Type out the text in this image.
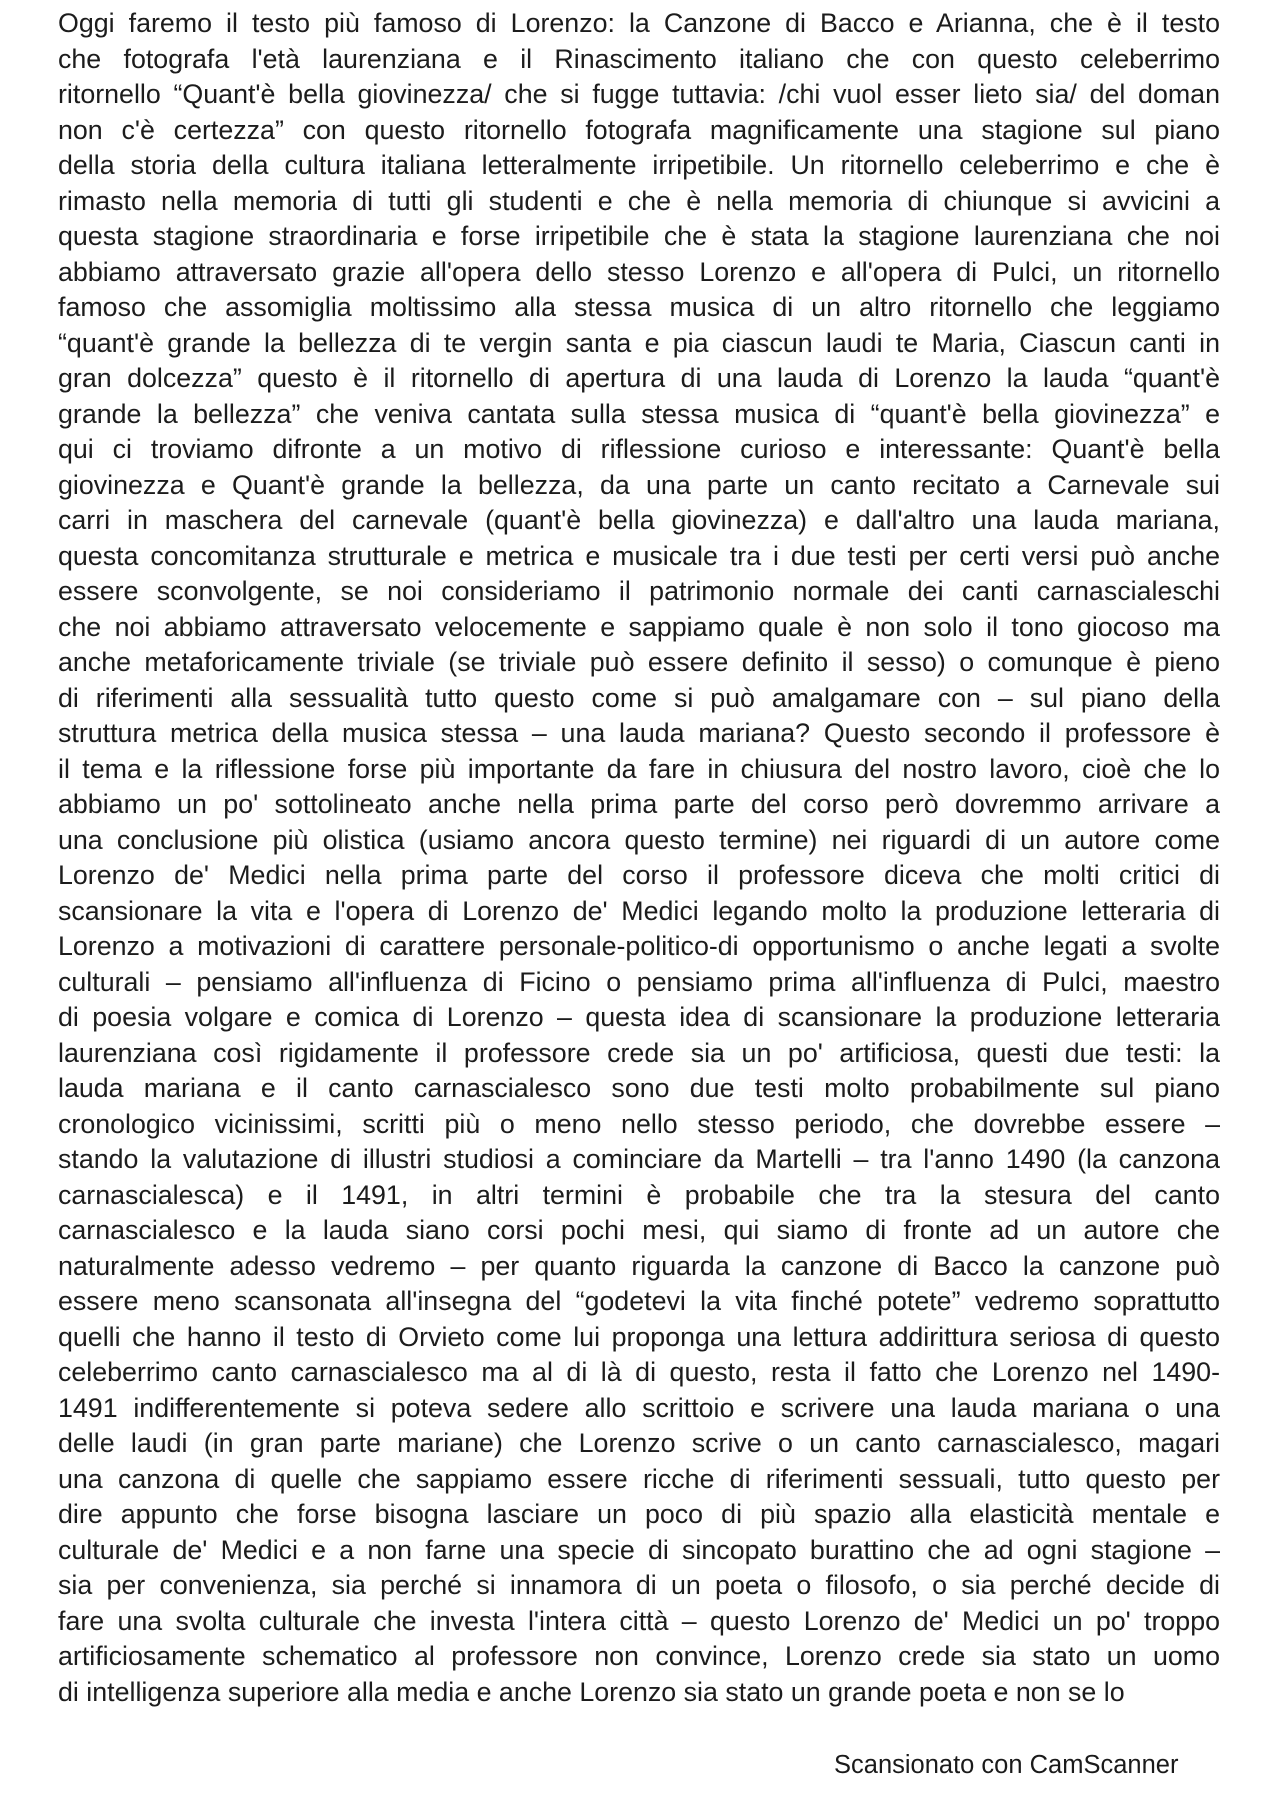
Oggi faremo il testo più famoso di Lorenzo: la Canzone di Bacco e Arianna, che è il testo
che fotografa l'età laurenziana e il Rinascimento italiano che con questo celeberrimo
ritornello “Quant'è bella giovinezza/ che si fugge tuttavia: /chi vuol esser lieto sia/ del doman
non c'è certezza” con questo ritornello fotografa magnificamente una stagione sul piano
della storia della cultura italiana letteralmente irripetibile. Un ritornello celeberrimo e che è
rimasto nella memoria di tutti gli studenti e che è nella memoria di chiunque si avvicini a
questa stagione straordinaria e forse irripetibile che è stata la stagione laurenziana che noi
abbiamo attraversato grazie all'opera dello stesso Lorenzo e all'opera di Pulci, un ritornello
famoso che assomiglia moltissimo alla stessa musica di un altro ritornello che leggiamo
“quant'è grande la bellezza di te vergin santa e pia ciascun laudi te Maria, Ciascun canti in
gran dolcezza” questo è il ritornello di apertura di una lauda di Lorenzo la lauda “quant'è
grande la bellezza” che veniva cantata sulla stessa musica di “quant'è bella giovinezza” e
qui ci troviamo difronte a un motivo di riflessione curioso e interessante: Quant'è bella
giovinezza e Quant'è grande la bellezza, da una parte un canto recitato a Carnevale sui
carri in maschera del carnevale (quant'è bella giovinezza) e dall'altro una lauda mariana,
questa concomitanza strutturale e metrica e musicale tra i due testi per certi versi può anche
essere sconvolgente, se noi consideriamo il patrimonio normale dei canti carnascialeschi
che noi abbiamo attraversato velocemente e sappiamo quale è non solo il tono giocoso ma
anche metaforicamente triviale (se triviale può essere definito il sesso) o comunque è pieno
di riferimenti alla sessualità tutto questo come si può amalgamare con – sul piano della
struttura metrica della musica stessa – una lauda mariana? Questo secondo il professore è
il tema e la riflessione forse più importante da fare in chiusura del nostro lavoro, cioè che lo
abbiamo un po' sottolineato anche nella prima parte del corso però dovremmo arrivare a
una conclusione più olistica (usiamo ancora questo termine) nei riguardi di un autore come
Lorenzo de' Medici nella prima parte del corso il professore diceva che molti critici di
scansionare la vita e l'opera di Lorenzo de' Medici legando molto la produzione letteraria di
Lorenzo a motivazioni di carattere personale-politico-di opportunismo o anche legati a svolte
culturali – pensiamo all'influenza di Ficino o pensiamo prima all'influenza di Pulci, maestro
di poesia volgare e comica di Lorenzo – questa idea di scansionare la produzione letteraria
laurenziana così rigidamente il professore crede sia un po' artificiosa, questi due testi: la
lauda mariana e il canto carnascialesco sono due testi molto probabilmente sul piano
cronologico vicinissimi, scritti più o meno nello stesso periodo, che dovrebbe essere –
stando la valutazione di illustri studiosi a cominciare da Martelli – tra l'anno 1490 (la canzona
carnascialesca) e il 1491, in altri termini è probabile che tra la stesura del canto
carnascialesco e la lauda siano corsi pochi mesi, qui siamo di fronte ad un autore che
naturalmente adesso vedremo – per quanto riguarda la canzone di Bacco la canzone può
essere meno scansonata all'insegna del “godetevi la vita finché potete” vedremo soprattutto
quelli che hanno il testo di Orvieto come lui proponga una lettura addirittura seriosa di questo
celeberrimo canto carnascialesco ma al di là di questo, resta il fatto che Lorenzo nel 1490-
1491 indifferentemente si poteva sedere allo scrittoio e scrivere una lauda mariana o una
delle laudi (in gran parte mariane) che Lorenzo scrive o un canto carnascialesco, magari
una canzona di quelle che sappiamo essere ricche di riferimenti sessuali, tutto questo per
dire appunto che forse bisogna lasciare un poco di più spazio alla elasticità mentale e
culturale de' Medici e a non farne una specie di sincopato burattino che ad ogni stagione –
sia per convenienza, sia perché si innamora di un poeta o filosofo, o sia perché decide di
fare una svolta culturale che investa l'intera città – questo Lorenzo de' Medici un po' troppo
artificiosamente schematico al professore non convince, Lorenzo crede sia stato un uomo
di intelligenza superiore alla media e anche Lorenzo sia stato un grande poeta e non se lo
Scansionato con CamScanner
